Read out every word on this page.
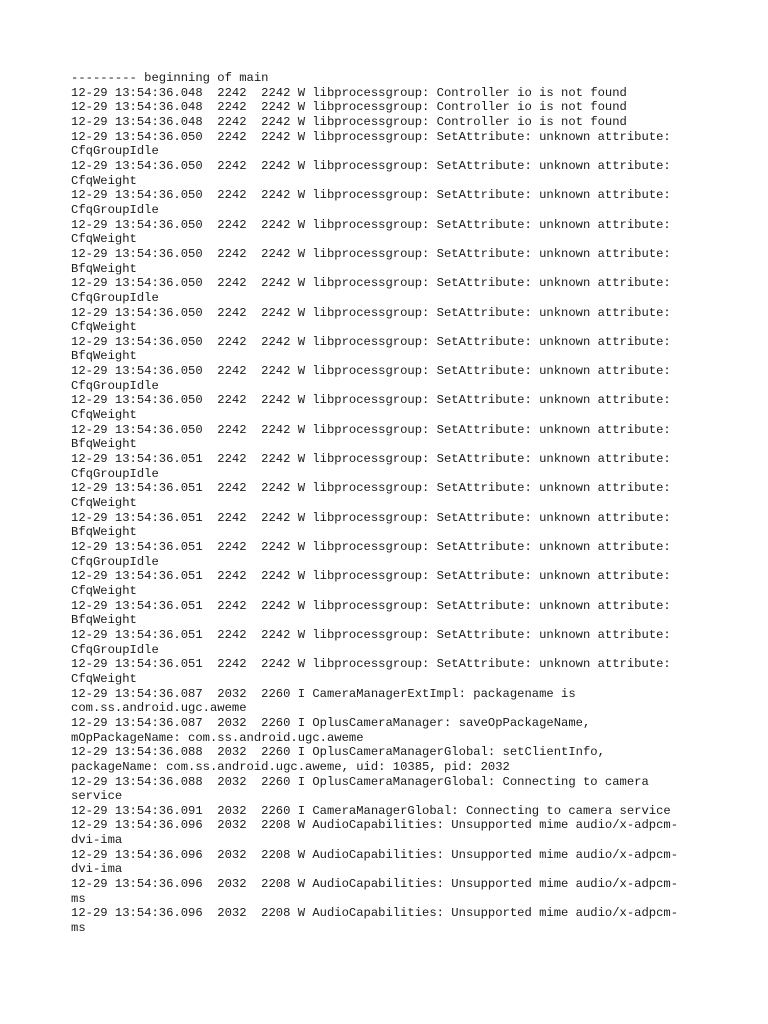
--------- beginning of main
12-29 13:54:36.048  2242  2242 W libprocessgroup: Controller io is not found
12-29 13:54:36.048  2242  2242 W libprocessgroup: Controller io is not found
12-29 13:54:36.048  2242  2242 W libprocessgroup: Controller io is not found
12-29 13:54:36.050  2242  2242 W libprocessgroup: SetAttribute: unknown attribute:
CfqGroupIdle
12-29 13:54:36.050  2242  2242 W libprocessgroup: SetAttribute: unknown attribute:
CfqWeight
12-29 13:54:36.050  2242  2242 W libprocessgroup: SetAttribute: unknown attribute:
CfqGroupIdle
12-29 13:54:36.050  2242  2242 W libprocessgroup: SetAttribute: unknown attribute:
CfqWeight
12-29 13:54:36.050  2242  2242 W libprocessgroup: SetAttribute: unknown attribute:
BfqWeight
12-29 13:54:36.050  2242  2242 W libprocessgroup: SetAttribute: unknown attribute:
CfqGroupIdle
12-29 13:54:36.050  2242  2242 W libprocessgroup: SetAttribute: unknown attribute:
CfqWeight
12-29 13:54:36.050  2242  2242 W libprocessgroup: SetAttribute: unknown attribute:
BfqWeight
12-29 13:54:36.050  2242  2242 W libprocessgroup: SetAttribute: unknown attribute:
CfqGroupIdle
12-29 13:54:36.050  2242  2242 W libprocessgroup: SetAttribute: unknown attribute:
CfqWeight
12-29 13:54:36.050  2242  2242 W libprocessgroup: SetAttribute: unknown attribute:
BfqWeight
12-29 13:54:36.051  2242  2242 W libprocessgroup: SetAttribute: unknown attribute:
CfqGroupIdle
12-29 13:54:36.051  2242  2242 W libprocessgroup: SetAttribute: unknown attribute:
CfqWeight
12-29 13:54:36.051  2242  2242 W libprocessgroup: SetAttribute: unknown attribute:
BfqWeight
12-29 13:54:36.051  2242  2242 W libprocessgroup: SetAttribute: unknown attribute:
CfqGroupIdle
12-29 13:54:36.051  2242  2242 W libprocessgroup: SetAttribute: unknown attribute:
CfqWeight
12-29 13:54:36.051  2242  2242 W libprocessgroup: SetAttribute: unknown attribute:
BfqWeight
12-29 13:54:36.051  2242  2242 W libprocessgroup: SetAttribute: unknown attribute:
CfqGroupIdle
12-29 13:54:36.051  2242  2242 W libprocessgroup: SetAttribute: unknown attribute:
CfqWeight
12-29 13:54:36.087  2032  2260 I CameraManagerExtImpl: packagename is
com.ss.android.ugc.aweme
12-29 13:54:36.087  2032  2260 I OplusCameraManager: saveOpPackageName,
mOpPackageName: com.ss.android.ugc.aweme
12-29 13:54:36.088  2032  2260 I OplusCameraManagerGlobal: setClientInfo,
packageName: com.ss.android.ugc.aweme, uid: 10385, pid: 2032
12-29 13:54:36.088  2032  2260 I OplusCameraManagerGlobal: Connecting to camera
service
12-29 13:54:36.091  2032  2260 I CameraManagerGlobal: Connecting to camera service
12-29 13:54:36.096  2032  2208 W AudioCapabilities: Unsupported mime audio/x-adpcm-
dvi-ima
12-29 13:54:36.096  2032  2208 W AudioCapabilities: Unsupported mime audio/x-adpcm-
dvi-ima
12-29 13:54:36.096  2032  2208 W AudioCapabilities: Unsupported mime audio/x-adpcm-
ms
12-29 13:54:36.096  2032  2208 W AudioCapabilities: Unsupported mime audio/x-adpcm-
ms
